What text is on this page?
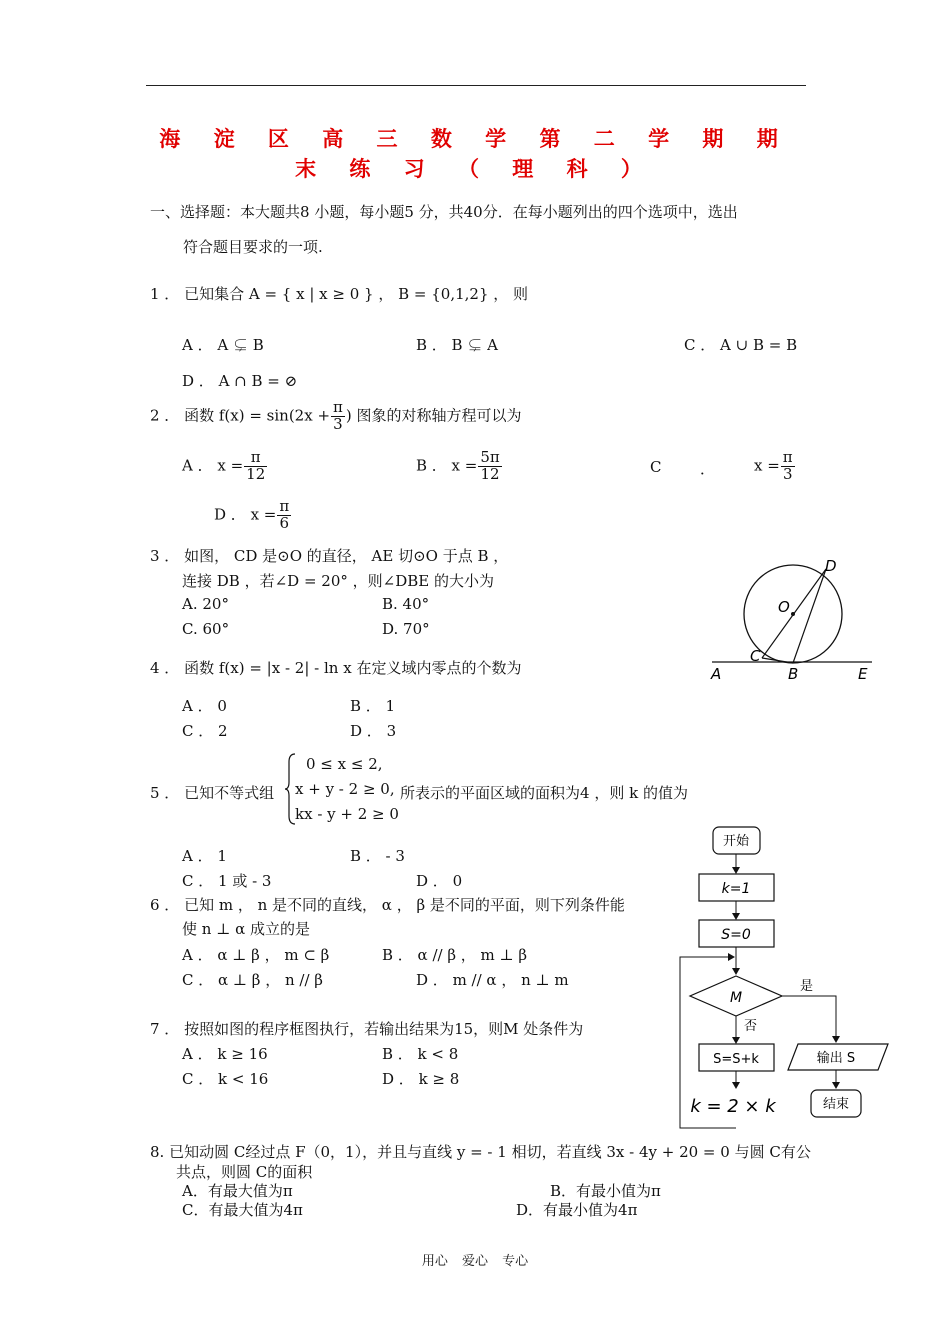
海 淀 区 高 三 数 学 第 二 学 期 期 末 练 习 （ 理 科 ）
一、选择题：本大题共8 小题，每小题5 分，共40分．在每小题列出的四个选项中，选出
符合题目要求的一项.
1 ． 已知集合 A = { x | x ≥ 0 } ， B = {0,1,2} ， 则
A ． A ⊊ B	B ． B ⊊ A	C ． A ∪ B = B
D ． A ∩ B = ⊘
2 ． 函数 $f(x) = \sin(2x + \frac{\pi}{3}$ ) 图象的对称轴方程可以为
A ． $x = \frac{\pi}{12}$	B ． $x = \frac{5\pi}{12}$	C	．	$x = \frac{\pi}{3}$
D ． $x = \frac{\pi}{6}$
3 ． 如图， CD 是⊙O 的直径， AE 切⊙O 于点 B ，
连接 DB ，若∠D = 20° ，则∠DBE 的大小为
A. 20°	B. 40°
C. 60°	D. 70°
D
O
C
A	B	E
4 ． 函数 f(x) = |x - 2| - ln x 在定义域内零点的个数为
A ． 0	B ． 1
C ． 2	D ． 3
5 ． 已知不等式组
0 ≤ x ≤ 2,
x + y - 2 ≥ 0,
kx - y + 2 ≥ 0
所表示的平面区域的面积为4 ，则 k 的值为
A ． 1	B ． - 3
C ． 1 或 - 3	D ． 0
6 ． 已知 m ， n 是不同的直线， α ， β 是不同的平面，则下列条件能
使 n ⊥ α 成立的是
A ． α ⊥ β ， m ⊂ β	B ． α // β ， m ⊥ β
C ． α ⊥ β ， n // β	D ． m // α ， n ⊥ m
7 ． 按照如图的程序框图执行，若输出结果为15，则M 处条件为
A ． k ≥ 16	B ． k < 8
C ． k < 16	D ． k ≥ 8
开始
k=1
S=0
M
是
否
S=S+k
k = 2 × k
输出 S
结束
8. 已知动圆 C经过点 F（0，1），并且与直线 y = - 1 相切，若直线 3x - 4y + 20 = 0 与圆 C有公
共点，则圆 C的面积
A．有最大值为π	B．有最小值为π
C．有最大值为4π	D．有最小值为4π
用心 爱心 专心
